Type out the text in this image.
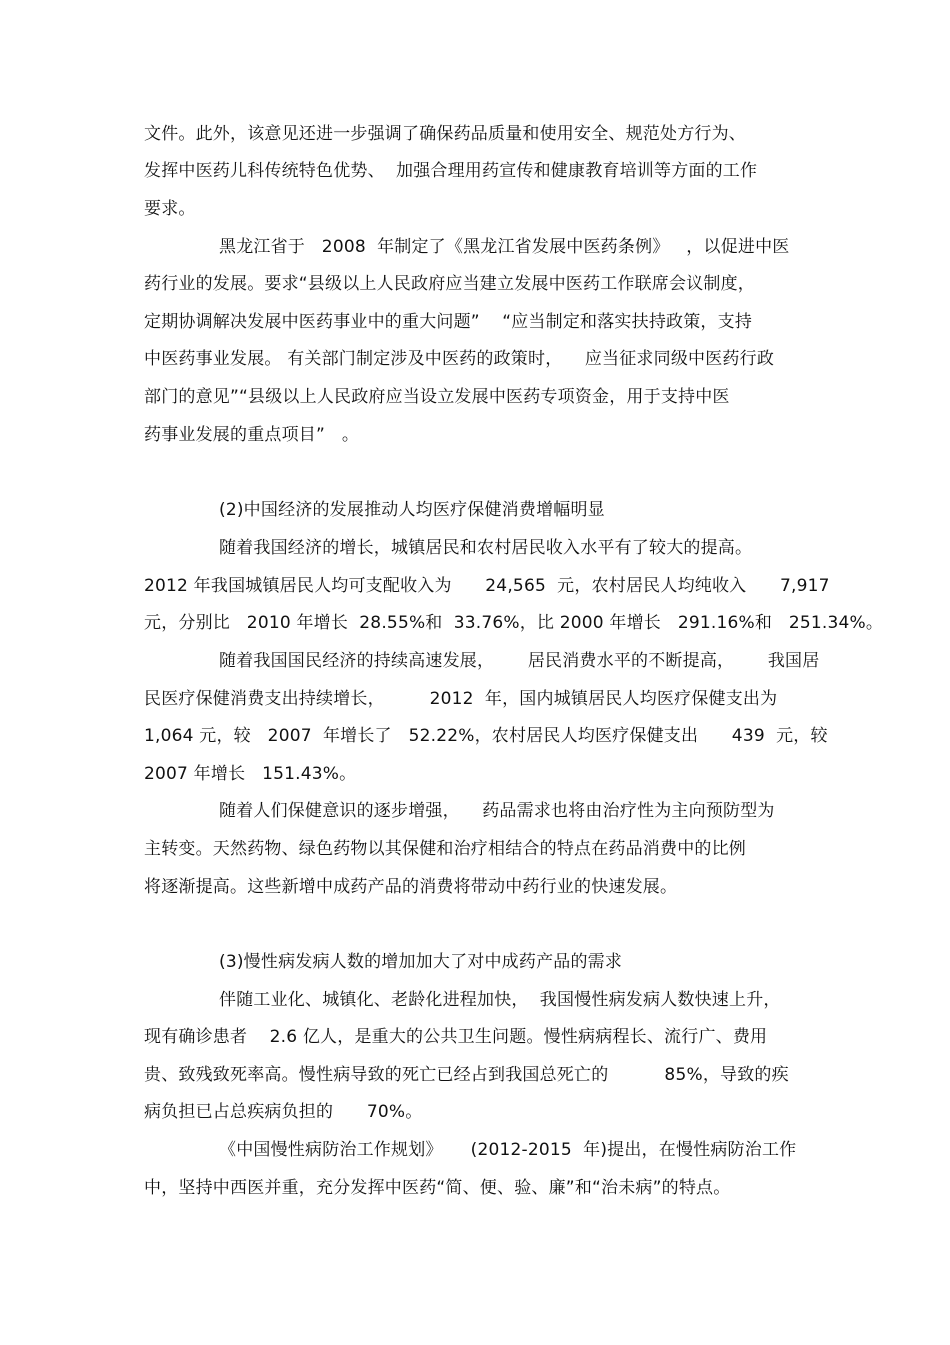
文件。此外，该意见还进一步强调了确保药品质量和使用安全、规范处方行为、
发挥中医药儿科传统特色优势、  加强合理用药宣传和健康教育培训等方面的工作
要求。
黑龙江省于   2008  年制定了《黑龙江省发展中医药条例》   ，以促进中医
药行业的发展。要求“县级以上人民政府应当建立发展中医药工作联席会议制度，
定期协调解决发展中医药事业中的重大问题”    “应当制定和落实扶持政策，支持
中医药事业发展。 有关部门制定涉及中医药的政策时，    应当征求同级中医药行政
部门的意见”“县级以上人民政府应当设立发展中医药专项资金，用于支持中医
药事业发展的重点项目”   。
(2)中国经济的发展推动人均医疗保健消费增幅明显
随着我国经济的增长，城镇居民和农村居民收入水平有了较大的提高。
2012 年我国城镇居民人均可支配收入为      24,565  元，农村居民人均纯收入      7,917
元，分别比   2010 年增长  28.55%和  33.76%，比 2000 年增长   291.16%和   251.34%。
随着我国国民经济的持续高速发展，      居民消费水平的不断提高，      我国居
民医疗保健消费支出持续增长，        2012  年，国内城镇居民人均医疗保健支出为
1,064 元，较   2007  年增长了   52.22%，农村居民人均医疗保健支出      439  元，较
2007 年增长   151.43%。
随着人们保健意识的逐步增强，    药品需求也将由治疗性为主向预防型为
主转变。天然药物、绿色药物以其保健和治疗相结合的特点在药品消费中的比例
将逐渐提高。这些新增中成药产品的消费将带动中药行业的快速发展。
(3)慢性病发病人数的增加加大了对中成药产品的需求
伴随工业化、城镇化、老龄化进程加快，  我国慢性病发病人数快速上升，
现有确诊患者    2.6 亿人，是重大的公共卫生问题。慢性病病程长、流行广、费用
贵、致残致死率高。慢性病导致的死亡已经占到我国总死亡的          85%，导致的疾
病负担已占总疾病负担的      70%。
《中国慢性病防治工作规划》     (2012-2015  年)提出，在慢性病防治工作
中，坚持中西医并重，充分发挥中医药“简、便、验、廉”和“治未病”的特点。
